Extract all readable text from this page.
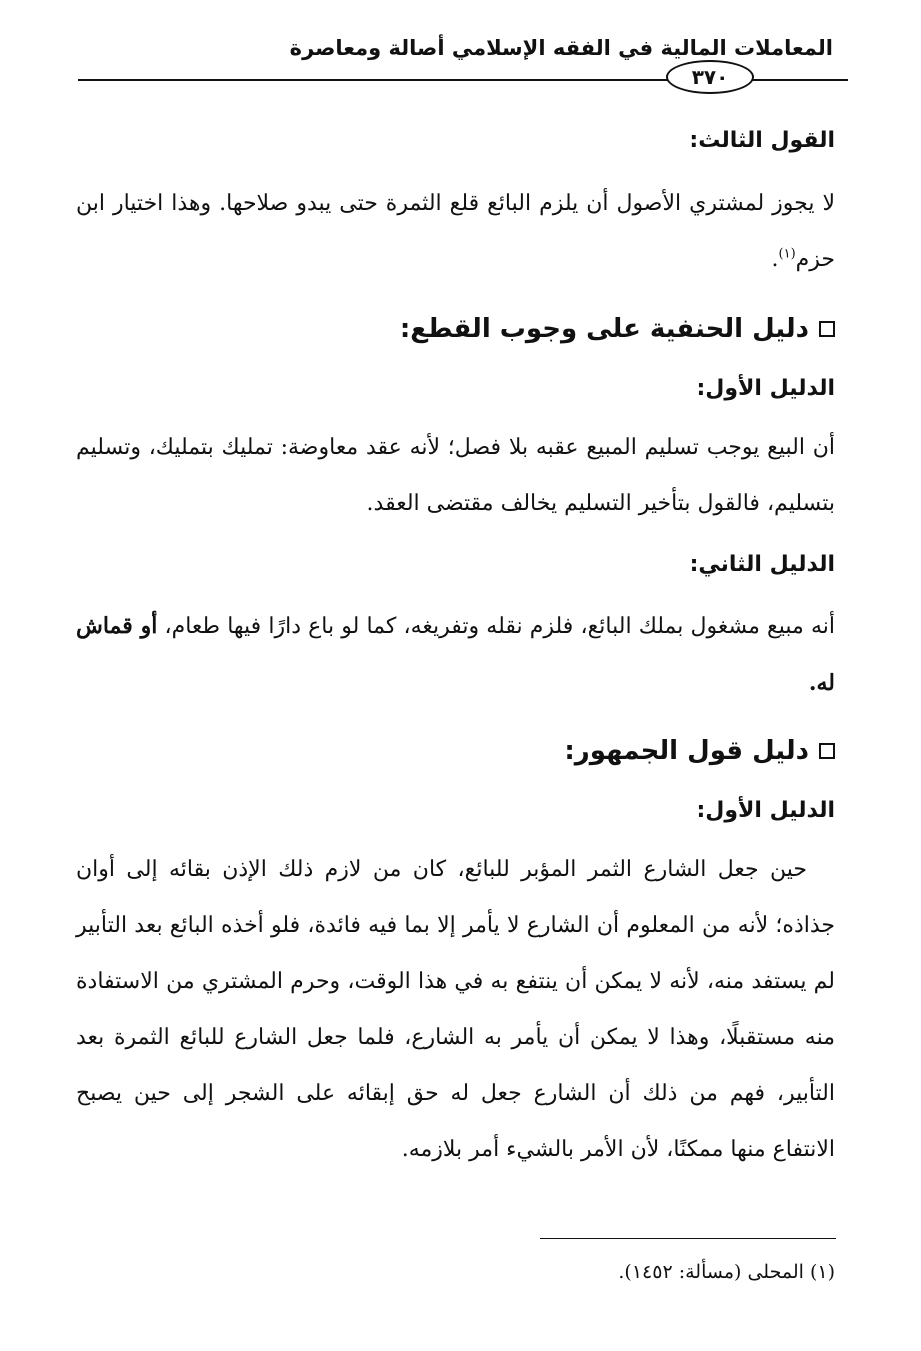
المعاملات المالية في الفقه الإسلامي أصالة ومعاصرة
٣٧٠
القول الثالث:
لا يجوز لمشتري الأصول أن يلزم البائع قلع الثمرة حتى يبدو صلاحها. وهذا اختيار ابن حزم$^{(١)}$.
دليل الحنفية على وجوب القطع:
الدليل الأول:
أن البيع يوجب تسليم المبيع عقبه بلا فصل؛ لأنه عقد معاوضة: تمليك بتمليك، وتسليم بتسليم، فالقول بتأخير التسليم يخالف مقتضى العقد.
الدليل الثاني:
أنه مبيع مشغول بملك البائع، فلزم نقله وتفريغه، كما لو باع دارًا فيها طعام، أو قماش له.
دليل قول الجمهور:
الدليل الأول:
حين جعل الشارع الثمر المؤبر للبائع، كان من لازم ذلك الإذن بقائه إلى أوان جذاذه؛ لأنه من المعلوم أن الشارع لا يأمر إلا بما فيه فائدة، فلو أخذه البائع بعد التأبير لم يستفد منه، لأنه لا يمكن أن ينتفع به في هذا الوقت، وحرم المشتري من الاستفادة منه مستقبلًا، وهذا لا يمكن أن يأمر به الشارع، فلما جعل الشارع للبائع الثمرة بعد التأبير، فهم من ذلك أن الشارع جعل له حق إبقائه على الشجر إلى حين يصبح الانتفاع منها ممكنًا، لأن الأمر بالشيء أمر بلازمه.
(١) المحلى (مسألة: ١٤٥٢).
